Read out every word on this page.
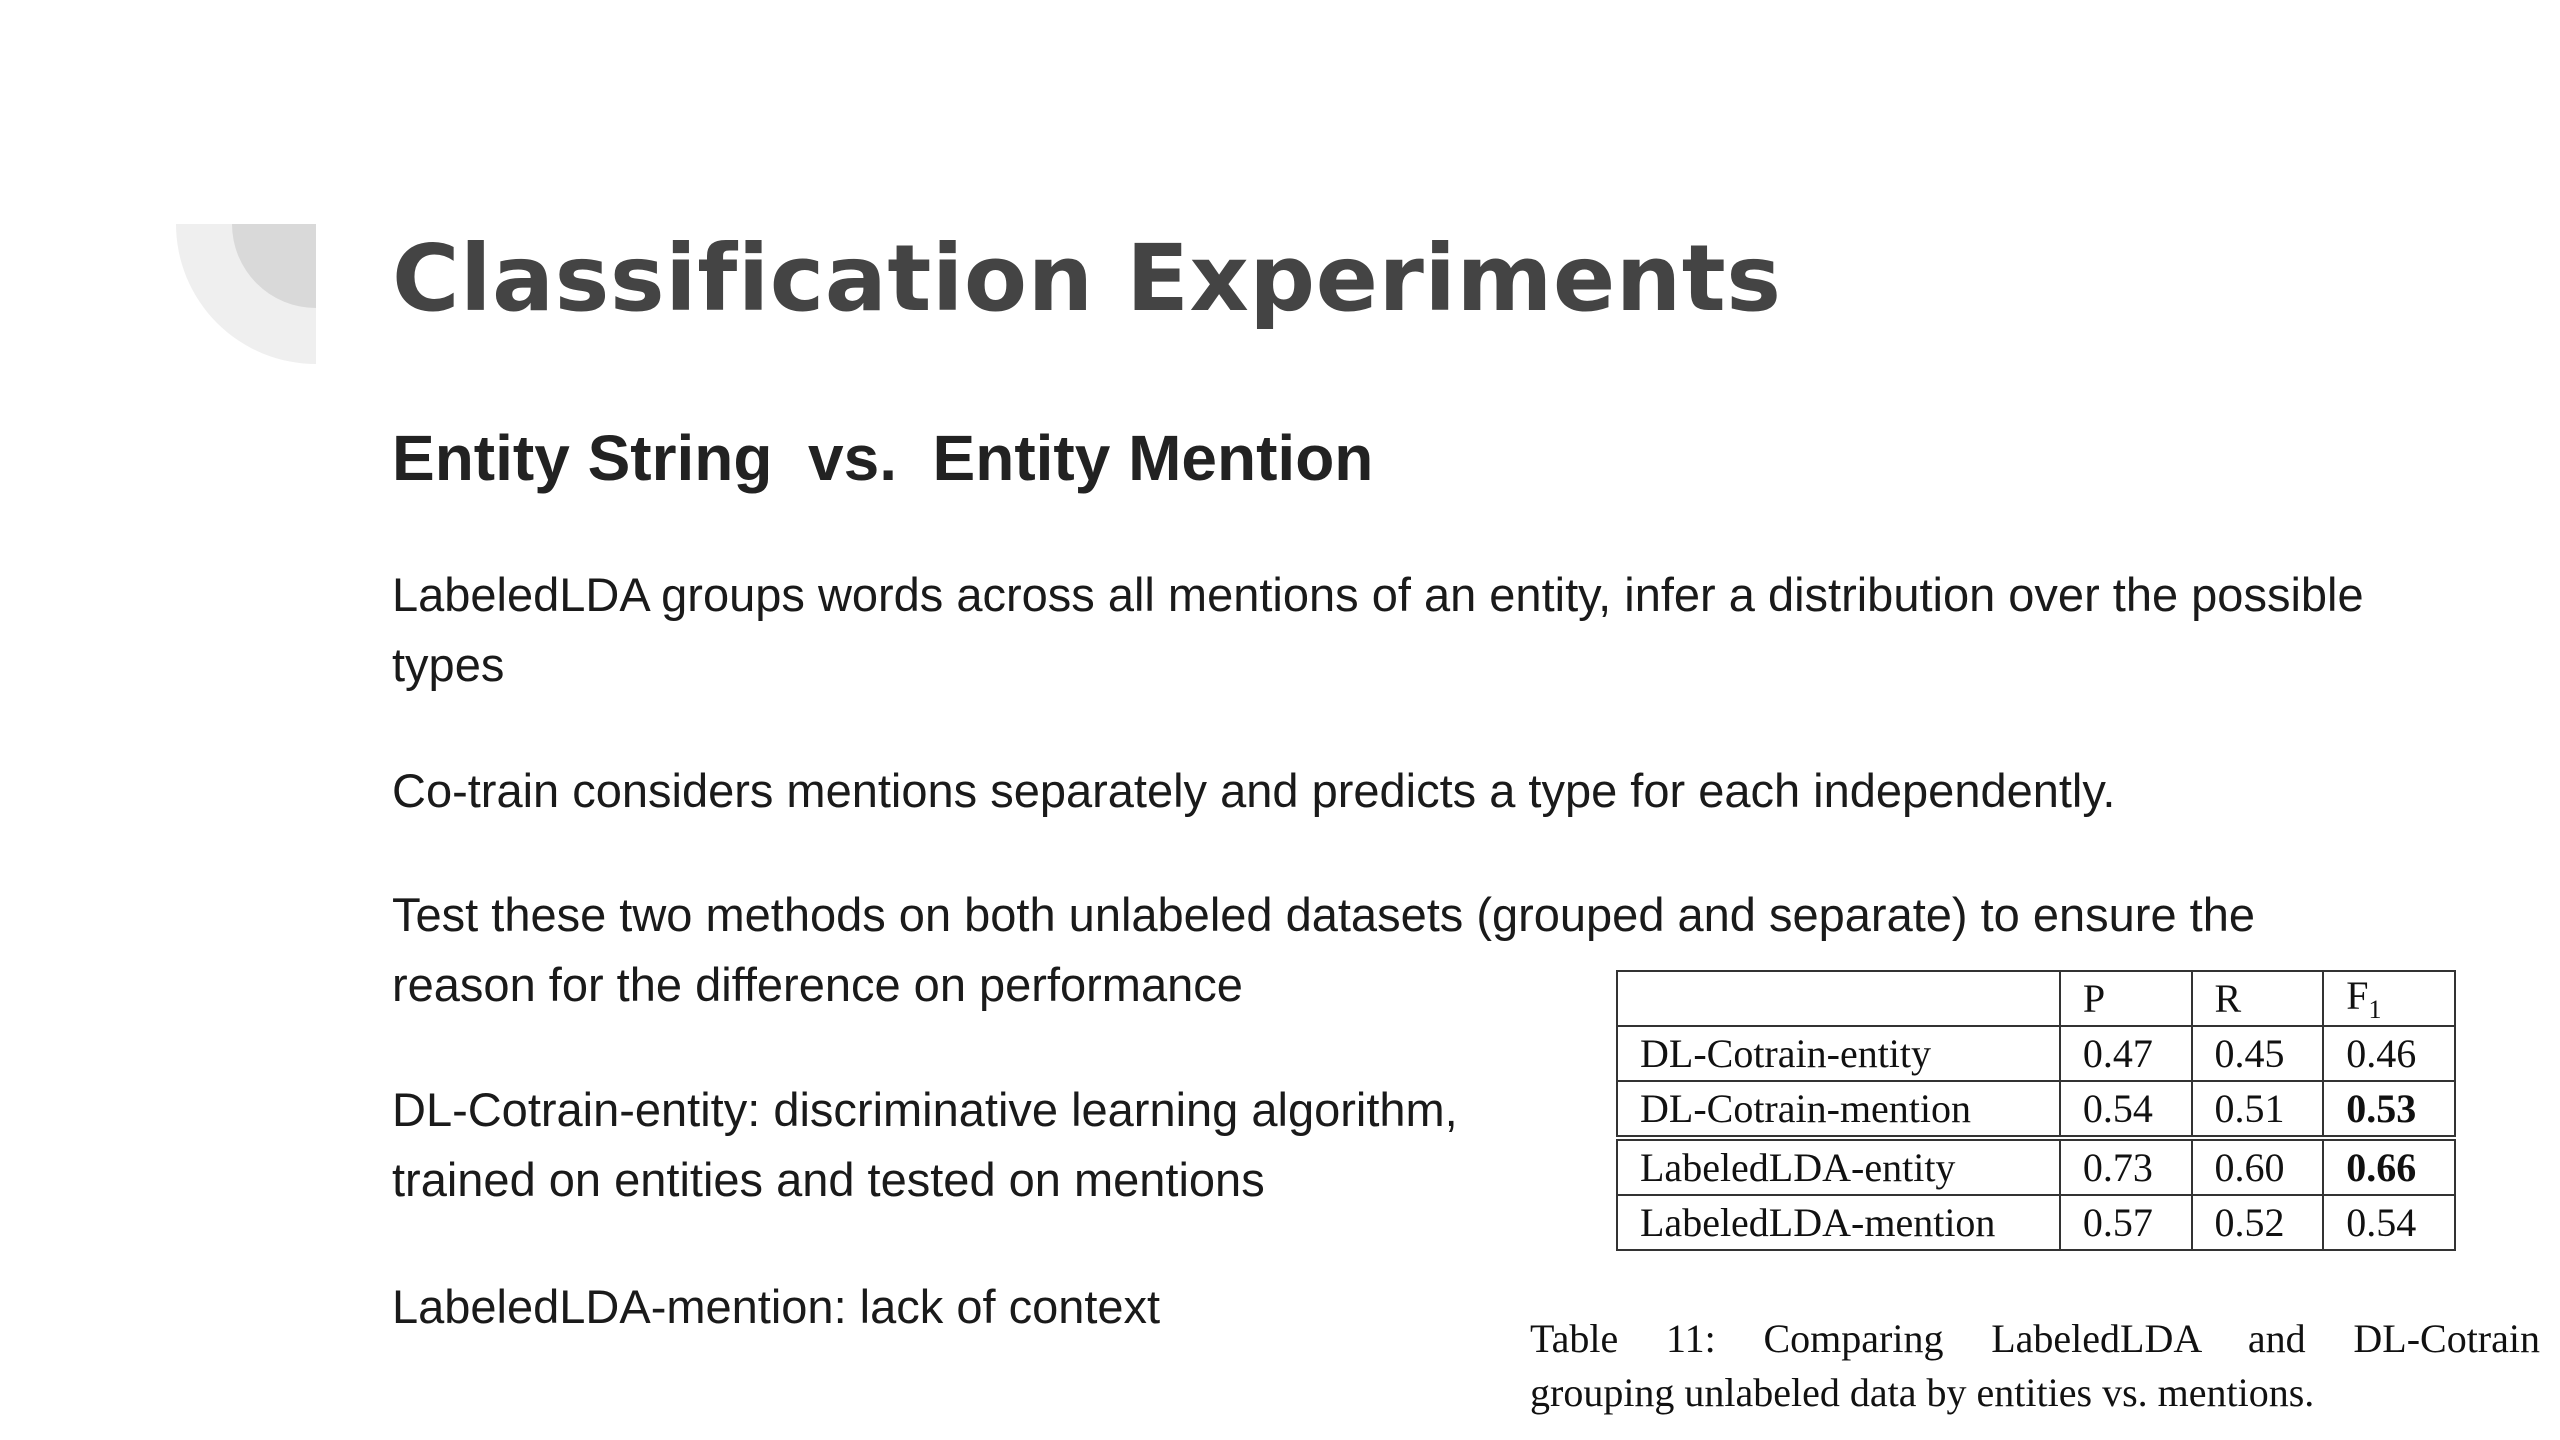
Classification Experiments
Entity String  vs.  Entity Mention

LabeledLDA groups words across all mentions of an entity, infer a distribution over the possible types

Co-train considers mentions separately and predicts a type for each independently.

Test these two methods on both unlabeled datasets (grouped and separate) to ensure the reason for the difference on performance

DL-Cotrain-entity: discriminative learning algorithm, trained on entities and tested on mentions

LabeledLDA-mention: lack of context

	P	R	$F_1$
DL-Cotrain-entity	0.47	0.45	0.46
DL-Cotrain-mention	0.54	0.51	0.53
LabeledLDA-entity	0.73	0.60	0.66
LabeledLDA-mention	0.57	0.52	0.54

Table 11: Comparing LabeledLDA and DL-Cotrain
grouping unlabeled data by entities vs. mentions.
